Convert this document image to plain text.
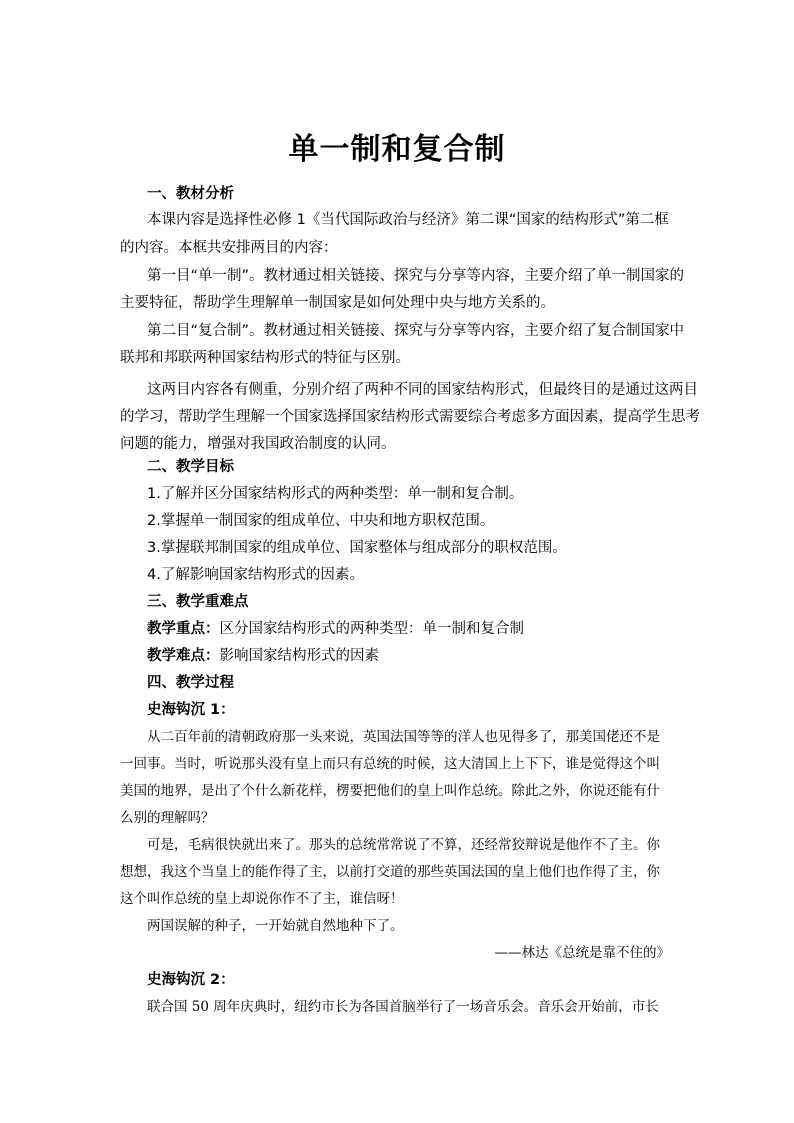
单一制和复合制
一、教材分析
本课内容是选择性必修 1《当代国际政治与经济》第二课“国家的结构形式”第二框
的内容。本框共安排两目的内容：
第一目“单一制”。教材通过相关链接、探究与分享等内容，主要介绍了单一制国家的
主要特征，帮助学生理解单一制国家是如何处理中央与地方关系的。
第二目“复合制”。教材通过相关链接、探究与分享等内容，主要介绍了复合制国家中
联邦和邦联两种国家结构形式的特征与区别。
这两目内容各有侧重，分别介绍了两种不同的国家结构形式，但最终目的是通过这两目
的学习，帮助学生理解一个国家选择国家结构形式需要综合考虑多方面因素，提高学生思考
问题的能力，增强对我国政治制度的认同。
二、教学目标
1.了解并区分国家结构形式的两种类型：单一制和复合制。
2.掌握单一制国家的组成单位、中央和地方职权范围。
3.掌握联邦制国家的组成单位、国家整体与组成部分的职权范围。
4.了解影响国家结构形式的因素。
三、教学重难点
教学重点：区分国家结构形式的两种类型：单一制和复合制
教学难点：影响国家结构形式的因素
四、教学过程
史海钩沉 1：
从二百年前的清朝政府那一头来说，英国法国等等的洋人也见得多了，那美国佬还不是
一回事。当时，听说那头没有皇上而只有总统的时候，这大清国上上下下，谁是觉得这个叫
美国的地界，是出了个什么新花样，楞要把他们的皇上叫作总统。除此之外，你说还能有什
么别的理解吗？
可是，毛病很快就出来了。那头的总统常常说了不算，还经常狡辩说是他作不了主。你
想想，我这个当皇上的能作得了主，以前打交道的那些英国法国的皇上他们也作得了主，你
这个叫作总统的皇上却说你作不了主，谁信呀！
两国误解的种子，一开始就自然地种下了。
——林达《总统是靠不住的》
史海钩沉 2：
联合国 50 周年庆典时，纽约市长为各国首脑举行了一场音乐会。音乐会开始前，市长
